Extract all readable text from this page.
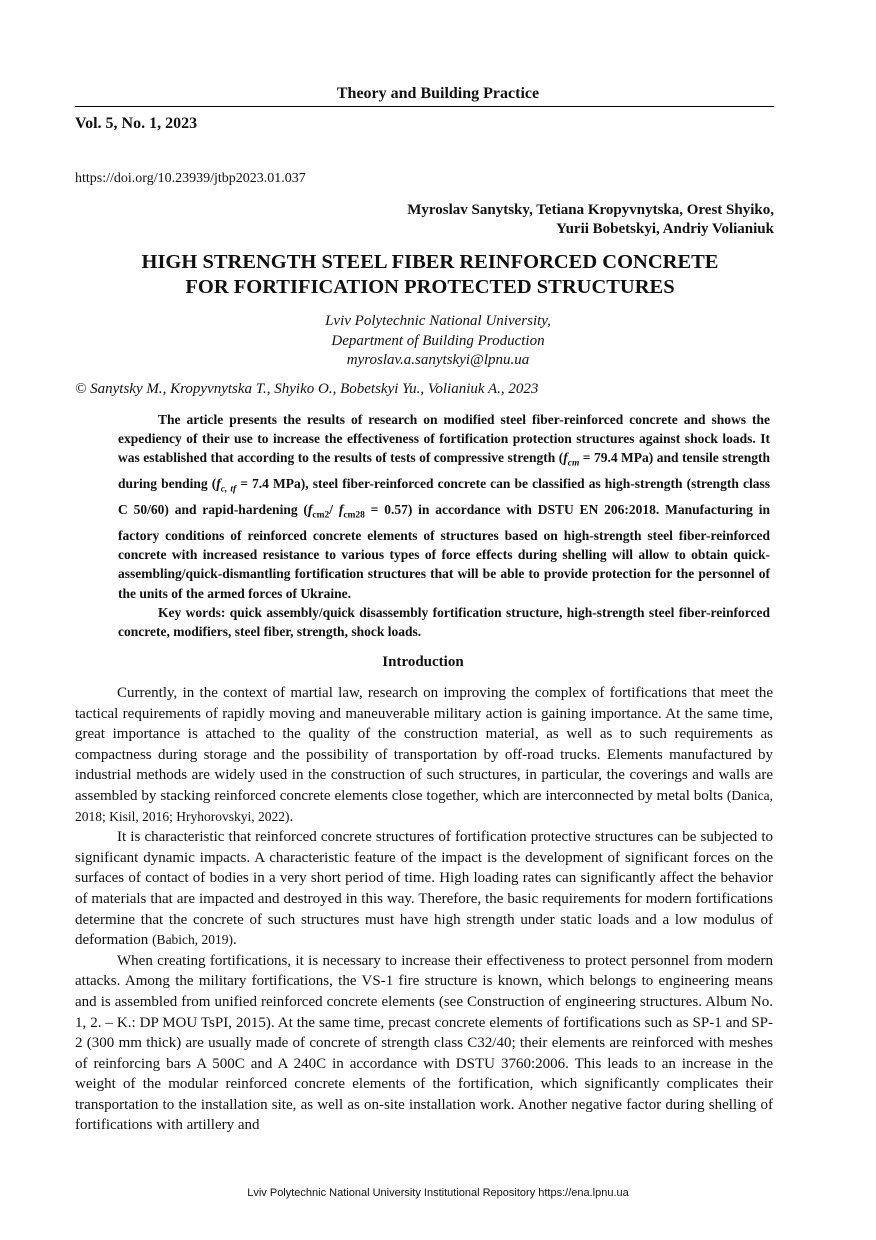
Theory and Building Practice
Vol. 5, No. 1, 2023
https://doi.org/10.23939/jtbp2023.01.037
Myroslav Sanytsky, Tetiana Kropyvnytska, Orest Shyiko,
Yurii Bobetskyi, Andriy Volianiuk
HIGH STRENGTH STEEL FIBER REINFORCED CONCRETE
FOR FORTIFICATION PROTECTED STRUCTURES
Lviv Polytechnic National University,
Department of Building Production
myroslav.a.sanytskyi@lpnu.ua
© Sanytsky M., Kropyvnytska T., Shyiko O., Bobetskyi Yu., Volianiuk A., 2023

The article presents the results of research on modified steel fiber-reinforced concrete and shows the expediency of their use to increase the effectiveness of fortification protection structures against shock loads. It was established that according to the results of tests of compressive strength ($f_{cm} = 79.4$ MPa) and tensile strength during bending ($f_{c, tf} = 7.4$ MPa), steel fiber-reinforced concrete can be classified as high-strength (strength class C 50/60) and rapid-hardening ($f_{cm2}/$ $f_{cm28} = 0.57$) in accordance with DSTU EN 206:2018. Manufacturing in factory conditions of reinforced concrete elements of structures based on high-strength steel fiber-reinforced concrete with increased resistance to various types of force effects during shelling will allow to obtain quick-assembling/quick-dismantling fortification structures that will be able to provide protection for the personnel of the units of the armed forces of Ukraine.

Key words: quick assembly/quick disassembly fortification structure, high-strength steel fiber-reinforced concrete, modifiers, steel fiber, strength, shock loads.

Introduction

Currently, in the context of martial law, research on improving the complex of fortifications that meet the tactical requirements of rapidly moving and maneuverable military action is gaining importance. At the same time, great importance is attached to the quality of the construction material, as well as to such requirements as compactness during storage and the possibility of transportation by off-road trucks. Elements manufactured by industrial methods are widely used in the construction of such structures, in particular, the coverings and walls are assembled by stacking reinforced concrete elements close together, which are interconnected by metal bolts (Danica, 2018; Kisil, 2016; Hryhorovskyi, 2022).

It is characteristic that reinforced concrete structures of fortification protective structures can be subjected to significant dynamic impacts. A characteristic feature of the impact is the development of significant forces on the surfaces of contact of bodies in a very short period of time. High loading rates can significantly affect the behavior of materials that are impacted and destroyed in this way. Therefore, the basic requirements for modern fortifications determine that the concrete of such structures must have high strength under static loads and a low modulus of deformation (Babich, 2019).

When creating fortifications, it is necessary to increase their effectiveness to protect personnel from modern attacks. Among the military fortifications, the VS-1 fire structure is known, which belongs to engineering means and is assembled from unified reinforced concrete elements (see Construction of engineering structures. Album No. 1, 2. – K.: DP MOU TsPI, 2015). At the same time, precast concrete elements of fortifications such as SP-1 and SP-2 (300 mm thick) are usually made of concrete of strength class C32/40; their elements are reinforced with meshes of reinforcing bars A 500C and A 240C in accordance with DSTU 3760:2006. This leads to an increase in the weight of the modular reinforced concrete elements of the fortification, which significantly complicates their transportation to the installation site, as well as on-site installation work. Another negative factor during shelling of fortifications with artillery and

Lviv Polytechnic National University Institutional Repository https://ena.lpnu.ua
